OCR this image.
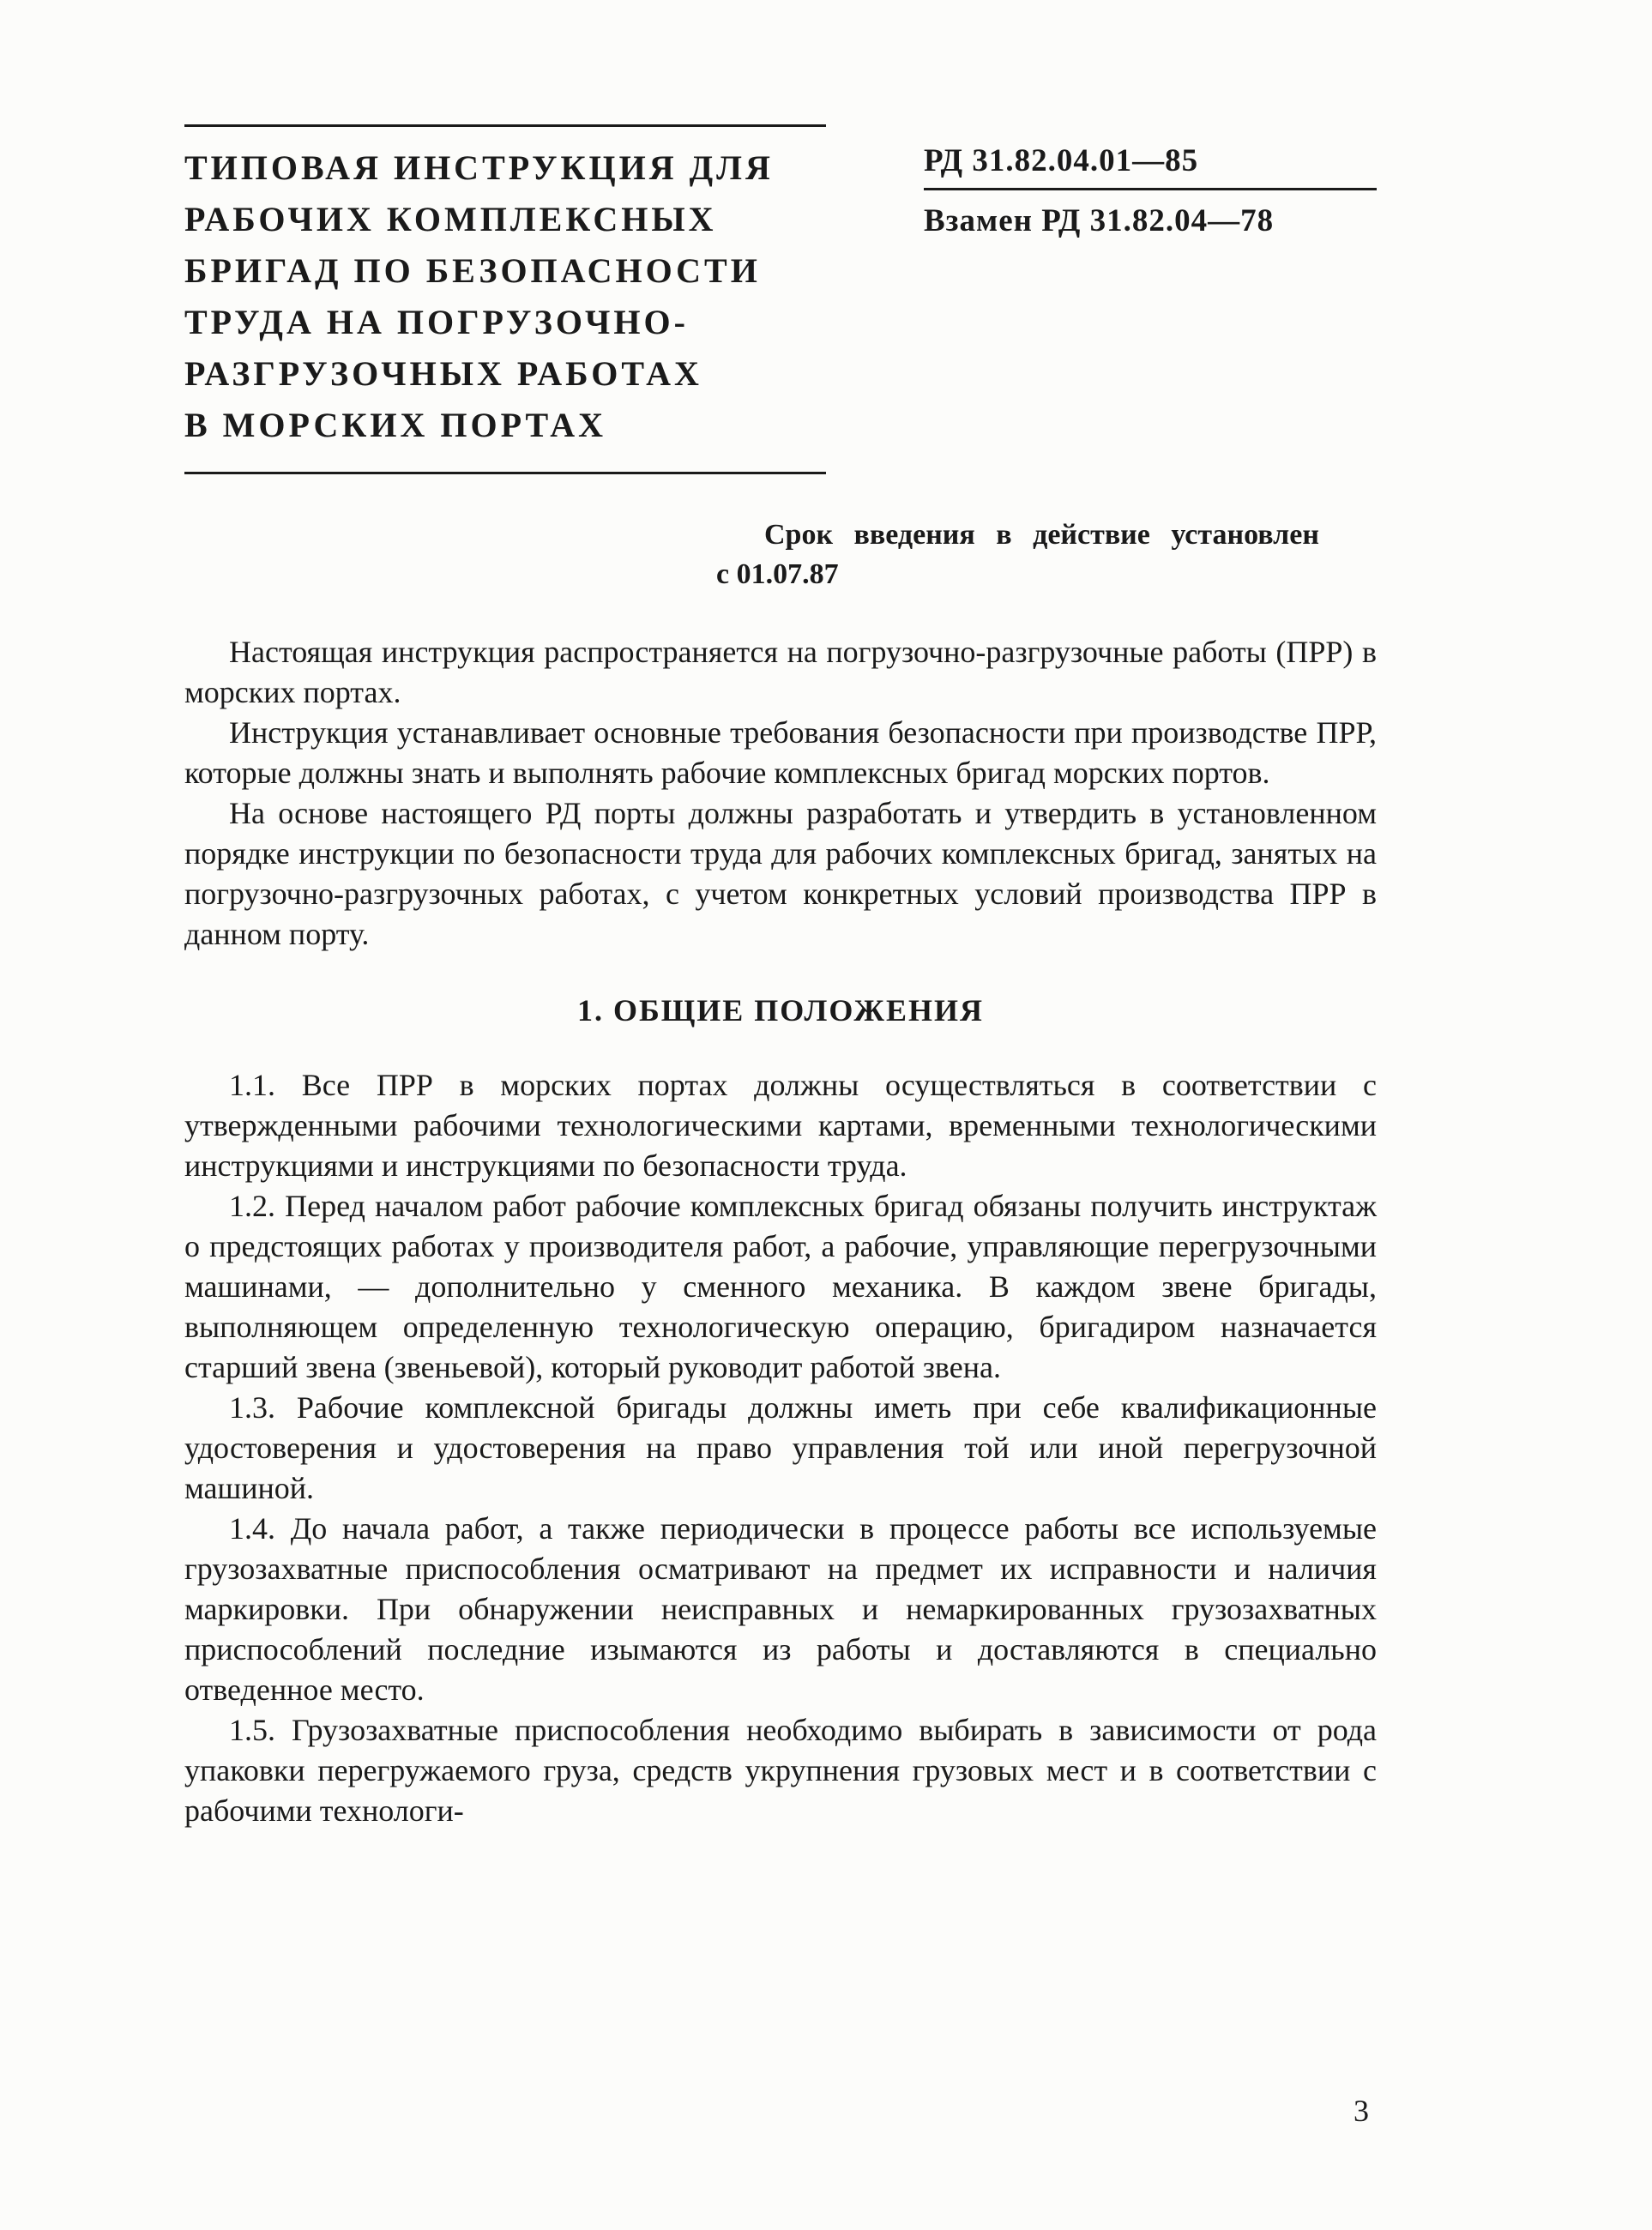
ТИПОВАЯ ИНСТРУКЦИЯ ДЛЯ
РАБОЧИХ КОМПЛЕКСНЫХ
БРИГАД ПО БЕЗОПАСНОСТИ
ТРУДА НА ПОГРУЗОЧНО-
РАЗГРУЗОЧНЫХ РАБОТАХ
В МОРСКИХ ПОРТАХ
РД 31.82.04.01—85
Взамен РД 31.82.04—78
Срок введения в действие установлен
с 01.07.87

Настоящая инструкция распространяется на погрузочно-разгрузочные работы (ПРР) в морских портах.

Инструкция устанавливает основные требования безопасности при производстве ПРР, которые должны знать и выполнять рабочие комплексных бригад морских портов.

На основе настоящего РД порты должны разработать и утвердить в установленном порядке инструкции по безопасности труда для рабочих комплексных бригад, занятых на погрузочно-разгрузочных работах, с учетом конкретных условий производства ПРР в данном порту.

1. ОБЩИЕ ПОЛОЖЕНИЯ

1.1. Все ПРР в морских портах должны осуществляться в соответствии с утвержденными рабочими технологическими картами, временными технологическими инструкциями и инструкциями по безопасности труда.

1.2. Перед началом работ рабочие комплексных бригад обязаны получить инструктаж о предстоящих работах у производителя работ, а рабочие, управляющие перегрузочными машинами, — дополнительно у сменного механика. В каждом звене бригады, выполняющем определенную технологическую операцию, бригадиром назначается старший звена (звеньевой), который руководит работой звена.

1.3. Рабочие комплексной бригады должны иметь при себе квалификационные удостоверения и удостоверения на право управления той или иной перегрузочной машиной.

1.4. До начала работ, а также периодически в процессе работы все используемые грузозахватные приспособления осматривают на предмет их исправности и наличия маркировки. При обнаружении неисправных и немаркированных грузозахватных приспособлений последние изымаются из работы и доставляются в специально отведенное место.

1.5. Грузозахватные приспособления необходимо выбирать в зависимости от рода упаковки перегружаемого груза, средств укрупнения грузовых мест и в соответствии с рабочими технологи-

3
